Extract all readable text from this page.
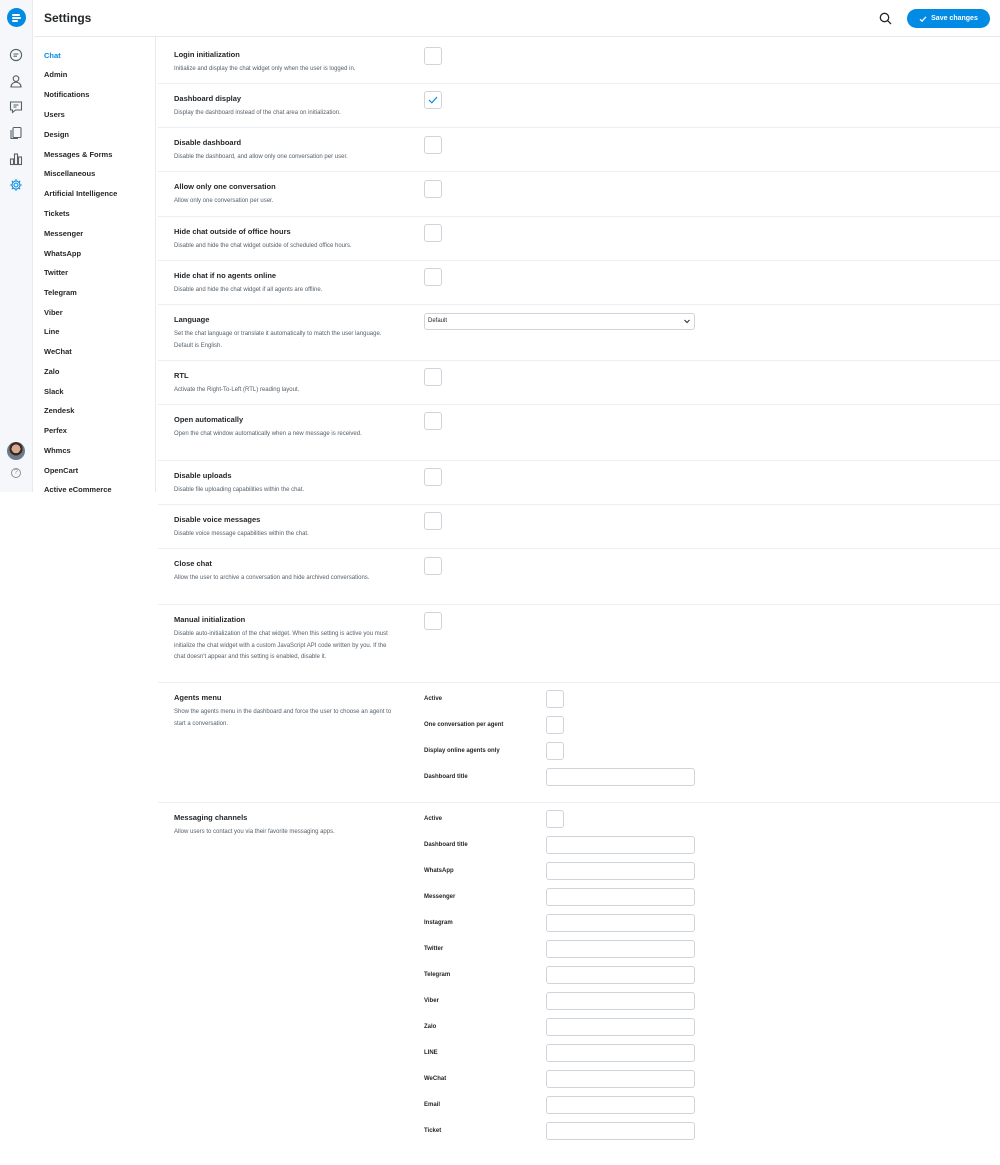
?
Settings	Save changes
Chat
Admin
Notifications
Users
Design
Messages & Forms
Miscellaneous
Artificial Intelligence
Tickets
Messenger
WhatsApp
Twitter
Telegram
Viber
Line
WeChat
Zalo
Slack
Zendesk
Perfex
Whmcs
OpenCart
Active eCommerce
Login initialization
Initialize and display the chat widget only when the user is logged in.
Dashboard display
Display the dashboard instead of the chat area on initialization.
Disable dashboard
Disable the dashboard, and allow only one conversation per user.
Allow only one conversation
Allow only one conversation per user.
Hide chat outside of office hours
Disable and hide the chat widget outside of scheduled office hours.
Hide chat if no agents online
Disable and hide the chat widget if all agents are offline.
Language
Set the chat language or translate it automatically to match the user language. Default is English.
Default
RTL
Activate the Right-To-Left (RTL) reading layout.
Open automatically
Open the chat window automatically when a new message is received.
Disable uploads
Disable file uploading capabilities within the chat.
Disable voice messages
Disable voice message capabilities within the chat.
Close chat
Allow the user to archive a conversation and hide archived conversations.
Manual initialization
Disable auto-initialization of the chat widget. When this setting is active you must initialize the chat widget with a custom JavaScript API code written by you. If the chat doesn't appear and this setting is enabled, disable it.
Agents menu
Show the agents menu in the dashboard and force the user to choose an agent to start a conversation.
Active
One conversation per agent
Display online agents only
Dashboard title
Messaging channels
Allow users to contact you via their favorite messaging apps.
Active
Dashboard title
WhatsApp
Messenger
Instagram
Twitter
Telegram
Viber
Zalo
LINE
WeChat
Email
Ticket
